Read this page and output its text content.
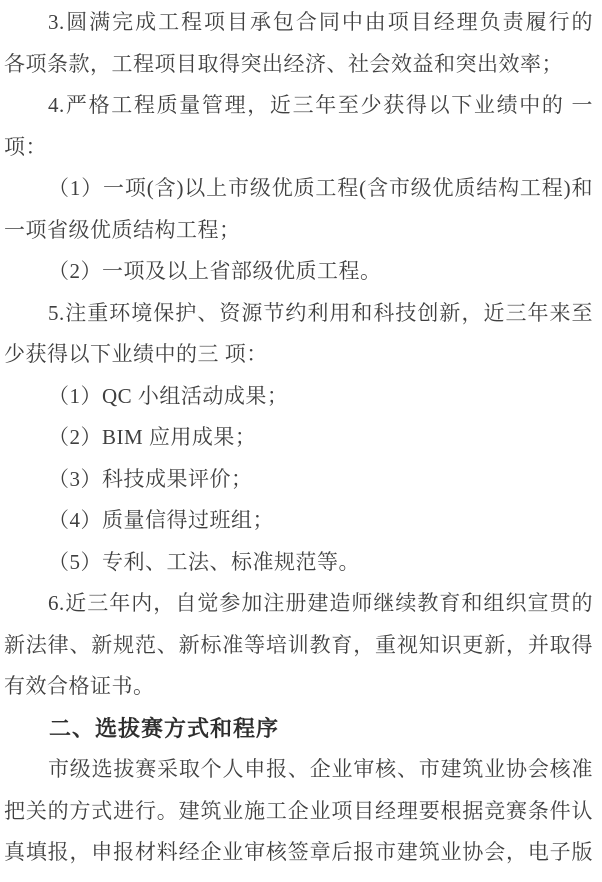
3.圆满完成工程项目承包合同中由项目经理负责履行的
各项条款，工程项目取得突出经济、社会效益和突出效率；
4.严格工程质量管理，近三年至少获得以下业绩中的 一
项：
（1）一项(含)以上市级优质工程(含市级优质结构工程)和
一项省级优质结构工程；
（2）一项及以上省部级优质工程。
5.注重环境保护、资源节约利用和科技创新，近三年来至
少获得以下业绩中的三 项：
（1）QC 小组活动成果；
（2）BIM 应用成果；
（3）科技成果评价；
（4）质量信得过班组；
（5）专利、工法、标准规范等。
6.近三年内，自觉参加注册建造师继续教育和组织宣贯的
新法律、新规范、新标准等培训教育，重视知识更新，并取得
有效合格证书。
二、选拔赛方式和程序
市级选拔赛采取个人申报、企业审核、市建筑业协会核准
把关的方式进行。建筑业施工企业项目经理要根据竞赛条件认
真填报，申报材料经企业审核签章后报市建筑业协会，电子版
